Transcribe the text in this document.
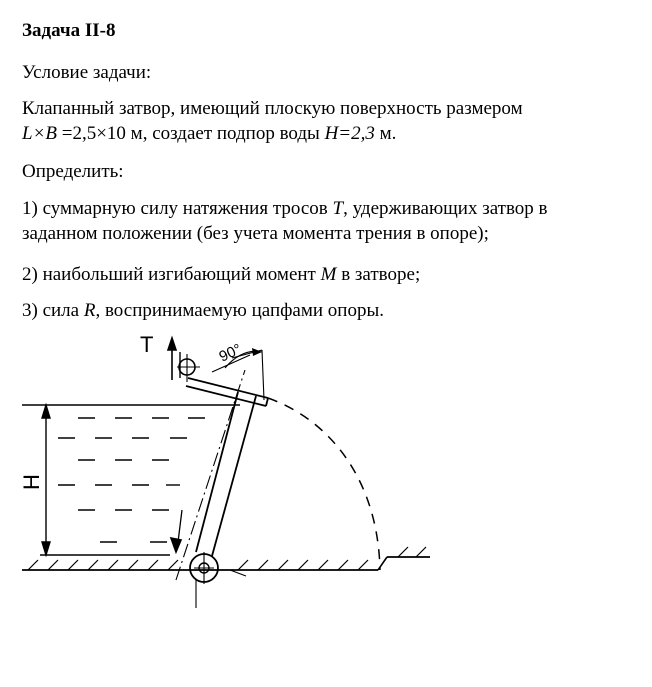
Задача II-8
Условие задачи:
Клапанный затвор, имеющий плоскую поверхность размером
L×B =2,5×10 м, создает подпор воды H=2,3 м.
Определить:
1) суммарную силу натяжения тросов T, удерживающих затвор в
заданном положении (без учета момента трения в опоре);
2) наибольший изгибающий момент M в затворе;
3) сила R, воспринимаемую цапфами опоры.
T
H
90°
